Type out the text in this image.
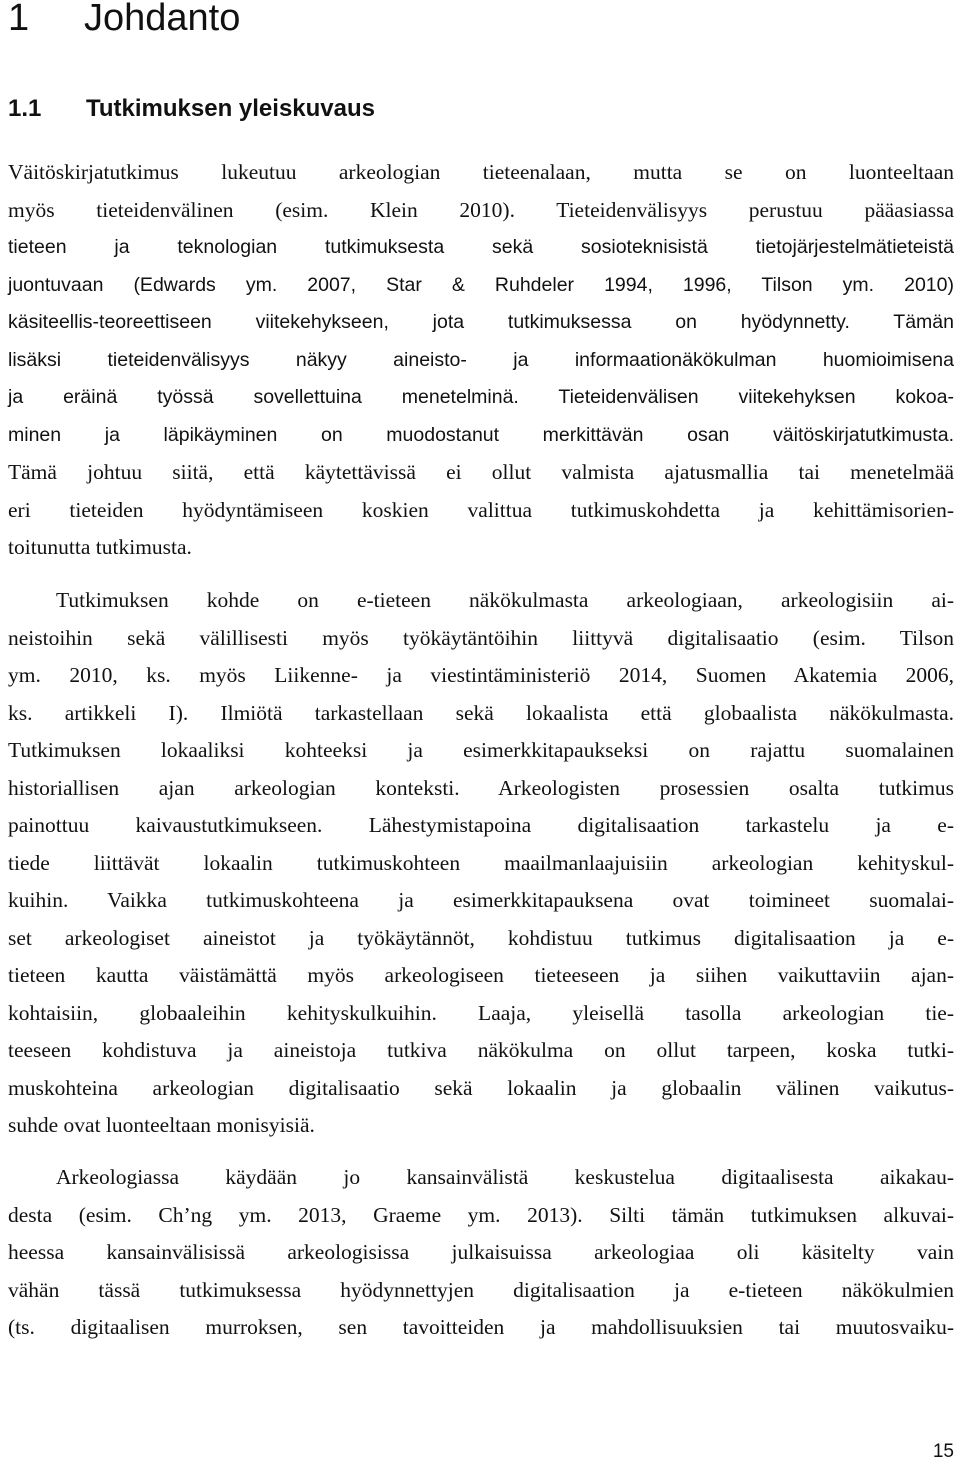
1 Johdanto
1.1 Tutkimuksen yleiskuvaus
Väitöskirjatutkimus lukeutuu arkeologian tieteenalaan, mutta se on luonteeltaan
myös tieteidenvälinen (esim. Klein 2010). Tieteidenvälisyys perustuu pääasiassa
tieteen ja teknologian tutkimuksesta sekä sosioteknisistä tietojärjestelmätieteistä
juontuvaan (Edwards ym. 2007, Star & Ruhdeler 1994, 1996, Tilson ym. 2010)
käsiteellis-teoreettiseen viitekehykseen, jota tutkimuksessa on hyödynnetty. Tämän
lisäksi tieteidenvälisyys näkyy aineisto- ja informaationäkökulman huomioimisena
ja eräinä työssä sovellettuina menetelminä. Tieteidenvälisen viitekehyksen kokoa-
minen ja läpikäyminen on muodostanut merkittävän osan väitöskirjatutkimusta.
Tämä johtuu siitä, että käytettävissä ei ollut valmista ajatusmallia tai menetelmää
eri tieteiden hyödyntämiseen koskien valittua tutkimuskohdetta ja kehittämisorien-
toitunutta tutkimusta.
Tutkimuksen kohde on e-tieteen näkökulmasta arkeologiaan, arkeologisiin ai-
neistoihin sekä välillisesti myös työkäytäntöihin liittyvä digitalisaatio (esim. Tilson
ym. 2010, ks. myös Liikenne- ja viestintäministeriö 2014, Suomen Akatemia 2006,
ks. artikkeli I). Ilmiötä tarkastellaan sekä lokaalista että globaalista näkökulmasta.
Tutkimuksen lokaaliksi kohteeksi ja esimerkkitapaukseksi on rajattu suomalainen
historiallisen ajan arkeologian konteksti. Arkeologisten prosessien osalta tutkimus
painottuu kaivaustutkimukseen. Lähestymistapoina digitalisaation tarkastelu ja e-
tiede liittävät lokaalin tutkimuskohteen maailmanlaajuisiin arkeologian kehityskul-
kuihin. Vaikka tutkimuskohteena ja esimerkkitapauksena ovat toimineet suomalai-
set arkeologiset aineistot ja työkäytännöt, kohdistuu tutkimus digitalisaation ja e-
tieteen kautta väistämättä myös arkeologiseen tieteeseen ja siihen vaikuttaviin ajan-
kohtaisiin, globaaleihin kehityskulkuihin. Laaja, yleisellä tasolla arkeologian tie-
teeseen kohdistuva ja aineistoja tutkiva näkökulma on ollut tarpeen, koska tutki-
muskohteina arkeologian digitalisaatio sekä lokaalin ja globaalin välinen vaikutus-
suhde ovat luonteeltaan monisyisiä.
Arkeologiassa käydään jo kansainvälistä keskustelua digitaalisesta aikakau-
desta (esim. Ch’ng ym. 2013, Graeme ym. 2013). Silti tämän tutkimuksen alkuvai-
heessa kansainvälisissä arkeologisissa julkaisuissa arkeologiaa oli käsitelty vain
vähän tässä tutkimuksessa hyödynnettyjen digitalisaation ja e-tieteen näkökulmien
(ts. digitaalisen murroksen, sen tavoitteiden ja mahdollisuuksien tai muutosvaiku-

15
